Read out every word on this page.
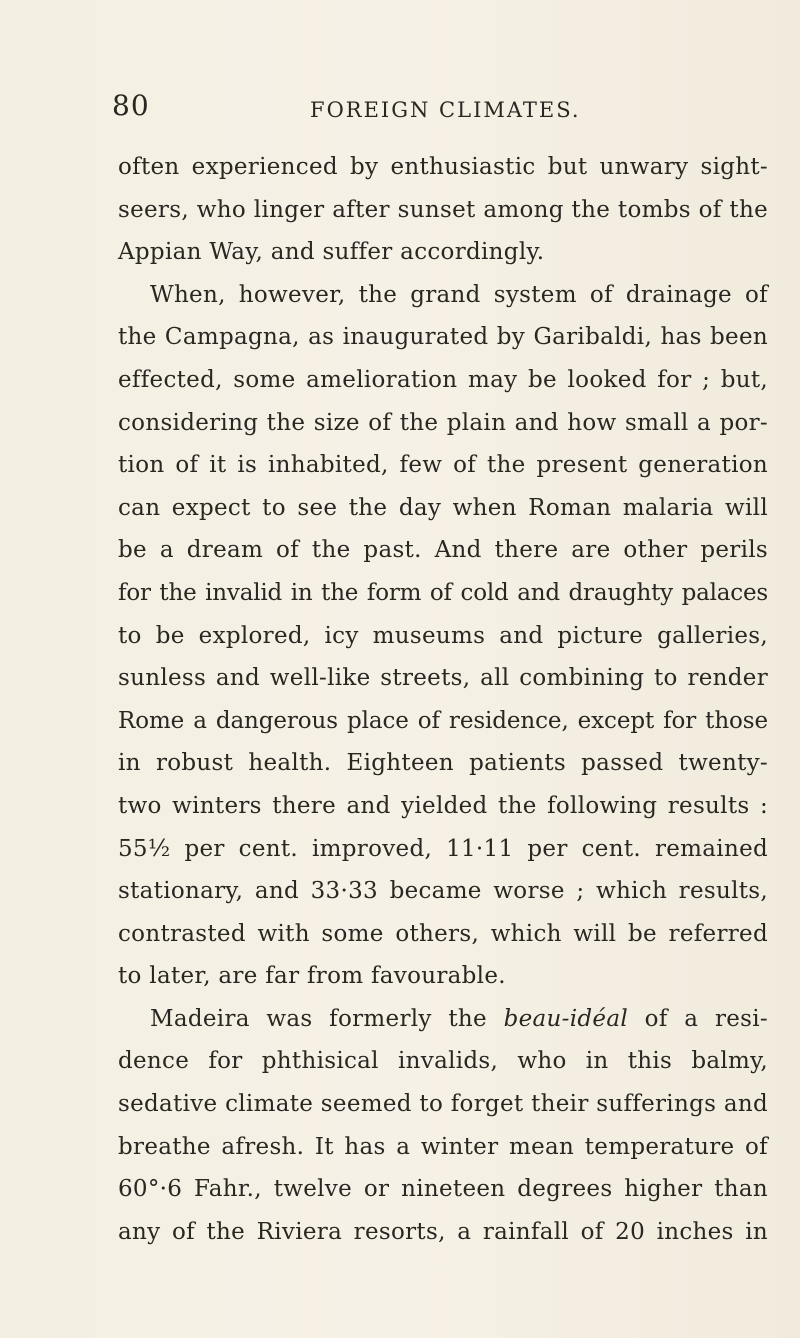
80	FOREIGN CLIMATES.
often experienced by enthusiastic but unwary sight-
seers, who linger after sunset among the tombs of the
Appian Way, and suffer accordingly.
When, however, the grand system of drainage of
the Campagna, as inaugurated by Garibaldi, has been
effected, some amelioration may be looked for ; but,
considering the size of the plain and how small a por-
tion of it is inhabited, few of the present generation
can expect to see the day when Roman malaria will
be a dream of the past. And there are other perils
for the invalid in the form of cold and draughty palaces
to be explored, icy museums and picture galleries,
sunless and well-like streets, all combining to render
Rome a dangerous place of residence, except for those
in robust health. Eighteen patients passed twenty-
two winters there and yielded the following results :
55½ per cent. improved, 11·11 per cent. remained
stationary, and 33·33 became worse ; which results,
contrasted with some others, which will be referred
to later, are far from favourable.
Madeira was formerly the beau-idéal of a resi-
dence for phthisical invalids, who in this balmy,
sedative climate seemed to forget their sufferings and
breathe afresh. It has a winter mean temperature of
60°·6 Fahr., twelve or nineteen degrees higher than
any of the Riviera resorts, a rainfall of 20 inches in
